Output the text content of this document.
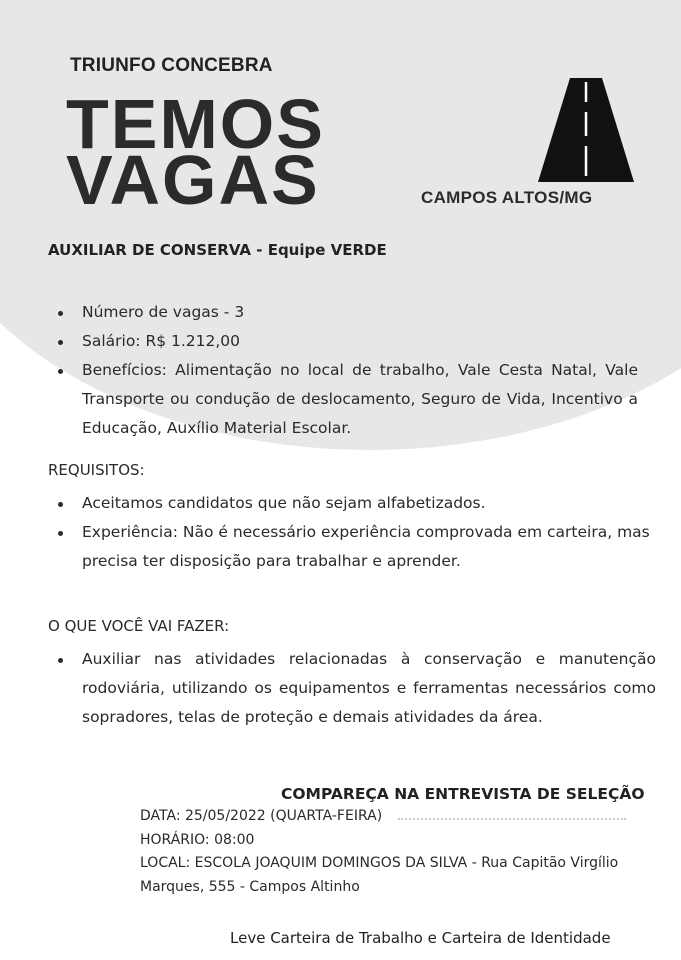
TRIUNFO CONCEBRA
TEMOS
VAGAS	CAMPOS ALTOS/MG
AUXILIAR DE CONSERVA - Equipe VERDE
Número de vagas - 3
Salário: R$ 1.212,00
Benefícios: Alimentação no local de trabalho, Vale Cesta Natal, Vale Transporte ou condução de deslocamento, Seguro de Vida, Incentivo a Educação, Auxílio Material Escolar.
REQUISITOS:
Aceitamos candidatos que não sejam alfabetizados.
Experiência: Não é necessário experiência comprovada em carteira, mas precisa ter disposição para trabalhar e aprender.
O QUE VOCÊ VAI FAZER:
Auxiliar nas atividades relacionadas à conservação e manutenção rodoviária, utilizando os equipamentos e ferramentas necessários como sopradores, telas de proteção e demais atividades da área.
COMPAREÇA NA ENTREVISTA DE SELEÇÃO
DATA: 25/05/2022 (QUARTA-FEIRA)
HORÁRIO: 08:00
LOCAL: ESCOLA JOAQUIM DOMINGOS DA SILVA - Rua Capitão Virgílio Marques, 555 - Campos Altinho
Leve Carteira de Trabalho e Carteira de Identidade
